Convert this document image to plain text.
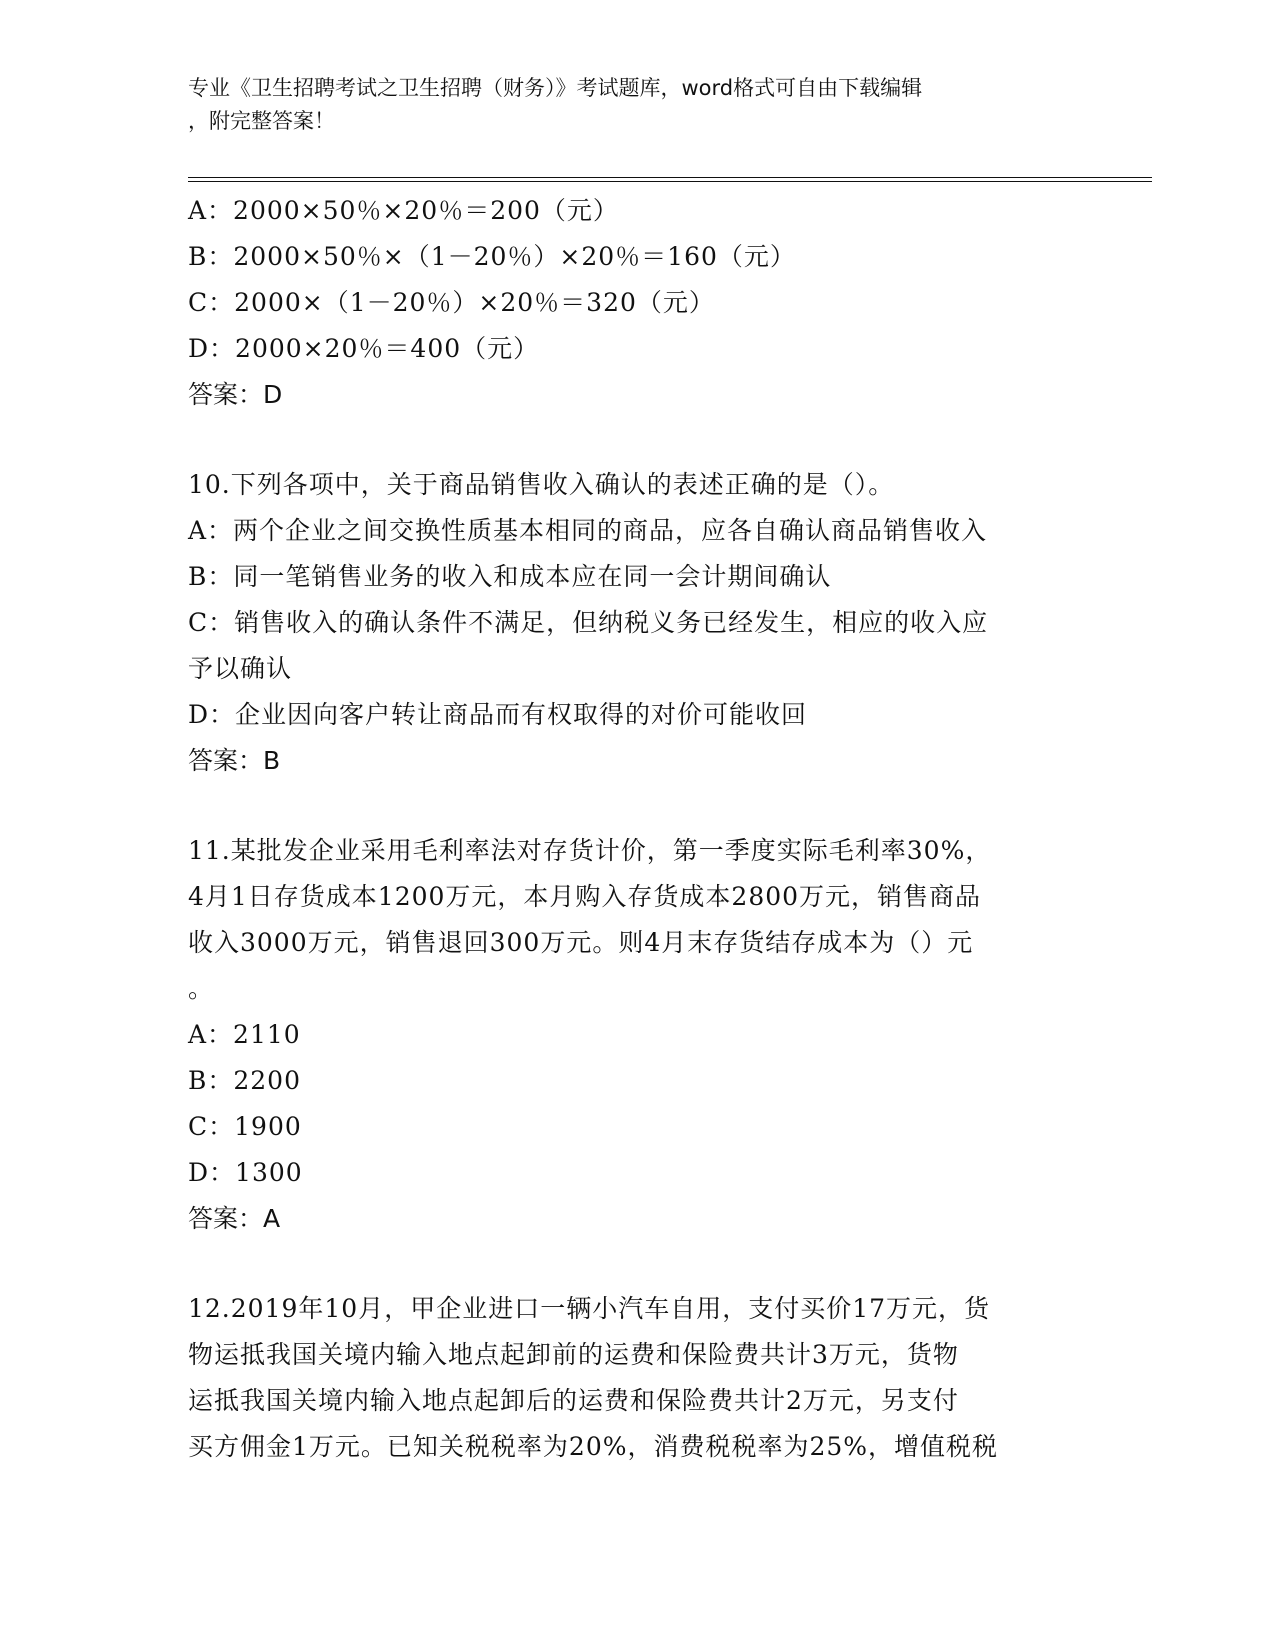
专业《卫生招聘考试之卫生招聘（财务）》考试题库，word格式可自由下载编辑
，附完整答案！
A：2000×50％×20％＝200（元）
B：2000×50％×（1－20％）×20％＝160（元）
C：2000×（1－20％）×20％＝320（元）
D：2000×20％＝400（元）
答案：D
10.下列各项中，关于商品销售收入确认的表述正确的是（）。
A：两个企业之间交换性质基本相同的商品，应各自确认商品销售收入
B：同一笔销售业务的收入和成本应在同一会计期间确认
C：销售收入的确认条件不满足，但纳税义务已经发生，相应的收入应
予以确认
D：企业因向客户转让商品而有权取得的对价可能收回
答案：B
11.某批发企业采用毛利率法对存货计价，第一季度实际毛利率30%，
4月1日存货成本1200万元，本月购入存货成本2800万元，销售商品
收入3000万元，销售退回300万元。则4月末存货结存成本为（）元
。
A：2110
B：2200
C：1900
D：1300
答案：A
12.2019年10月，甲企业进口一辆小汽车自用，支付买价17万元，货
物运抵我国关境内输入地点起卸前的运费和保险费共计3万元，货物
运抵我国关境内输入地点起卸后的运费和保险费共计2万元，另支付
买方佣金1万元。已知关税税率为20%，消费税税率为25%，增值税税
